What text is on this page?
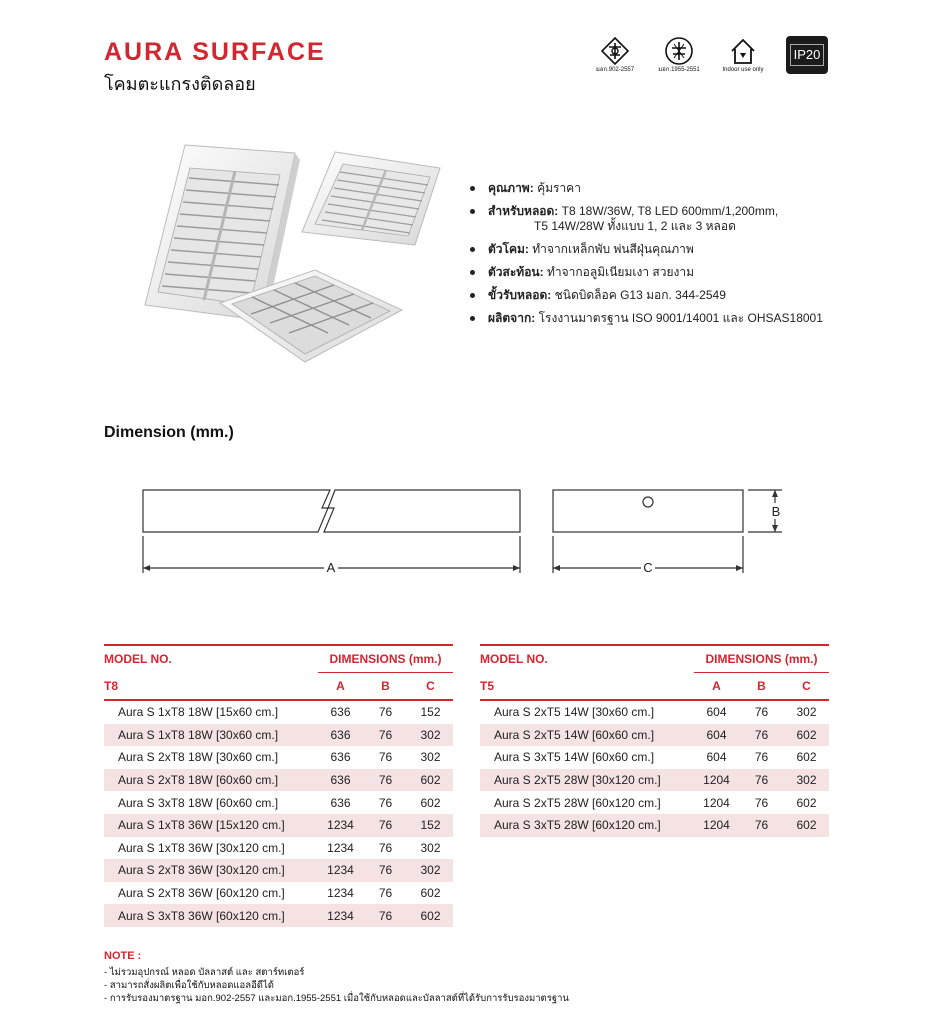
AURA SURFACE
โคมตะแกรงติดลอย
มอก.902-2557	มอก.1955-2551	Indoor use only
IP20
คุณภาพ: คุ้มราคา
สำหรับหลอด: T8 18W/36W, T8 LED 600mm/1,200mm,
T5 14W/28W ทั้งแบบ 1, 2 และ 3 หลอด
ตัวโคม: ทำจากเหล็กพับ พ่นสีฝุ่นคุณภาพ
ตัวสะท้อน: ทำจากอลูมิเนียมเงา สวยงาม
ขั้วรับหลอด: ชนิดบิดล็อค G13 มอก. 344-2549
ผลิตจาก: โรงงานมาตรฐาน ISO 9001/14001 และ OHSAS18001
Dimension (mm.)
A	C
B

MODEL NO.	DIMENSIONS (mm.)		
T8	A	B	C

Aura S 1xT8 18W [15x60 cm.]	636	76	152
Aura S 1xT8 18W [30x60 cm.]	636	76	302
Aura S 2xT8 18W [30x60 cm.]	636	76	302
Aura S 2xT8 18W [60x60 cm.]	636	76	602
Aura S 3xT8 18W [60x60 cm.]	636	76	602
Aura S 1xT8 36W [15x120 cm.]	1234	76	152
Aura S 1xT8 36W [30x120 cm.]	1234	76	302
Aura S 2xT8 36W [30x120 cm.]	1234	76	302
Aura S 2xT8 36W [60x120 cm.]	1234	76	602
Aura S 3xT8 36W [60x120 cm.]	1234	76	602

MODEL NO.	DIMENSIONS (mm.)		
T5	A	B	C

Aura S 2xT5 14W [30x60 cm.]	604	76	302
Aura S 2xT5 14W [60x60 cm.]	604	76	602
Aura S 3xT5 14W [60x60 cm.]	604	76	602
Aura S 2xT5 28W [30x120 cm.]	1204	76	302
Aura S 2xT5 28W [60x120 cm.]	1204	76	602
Aura S 3xT5 28W [60x120 cm.]	1204	76	602
NOTE :
- ไม่รวมอุปกรณ์ หลอด บัลลาสต์ และ สตาร์ทเตอร์
- สามารถสั่งผลิตเพื่อใช้กับหลอดแอลอีดีได้
- การรับรองมาตรฐาน มอก.902-2557 และมอก.1955-2551 เมื่อใช้กับหลอดและบัลลาสต์ที่ได้รับการรับรองมาตรฐาน
